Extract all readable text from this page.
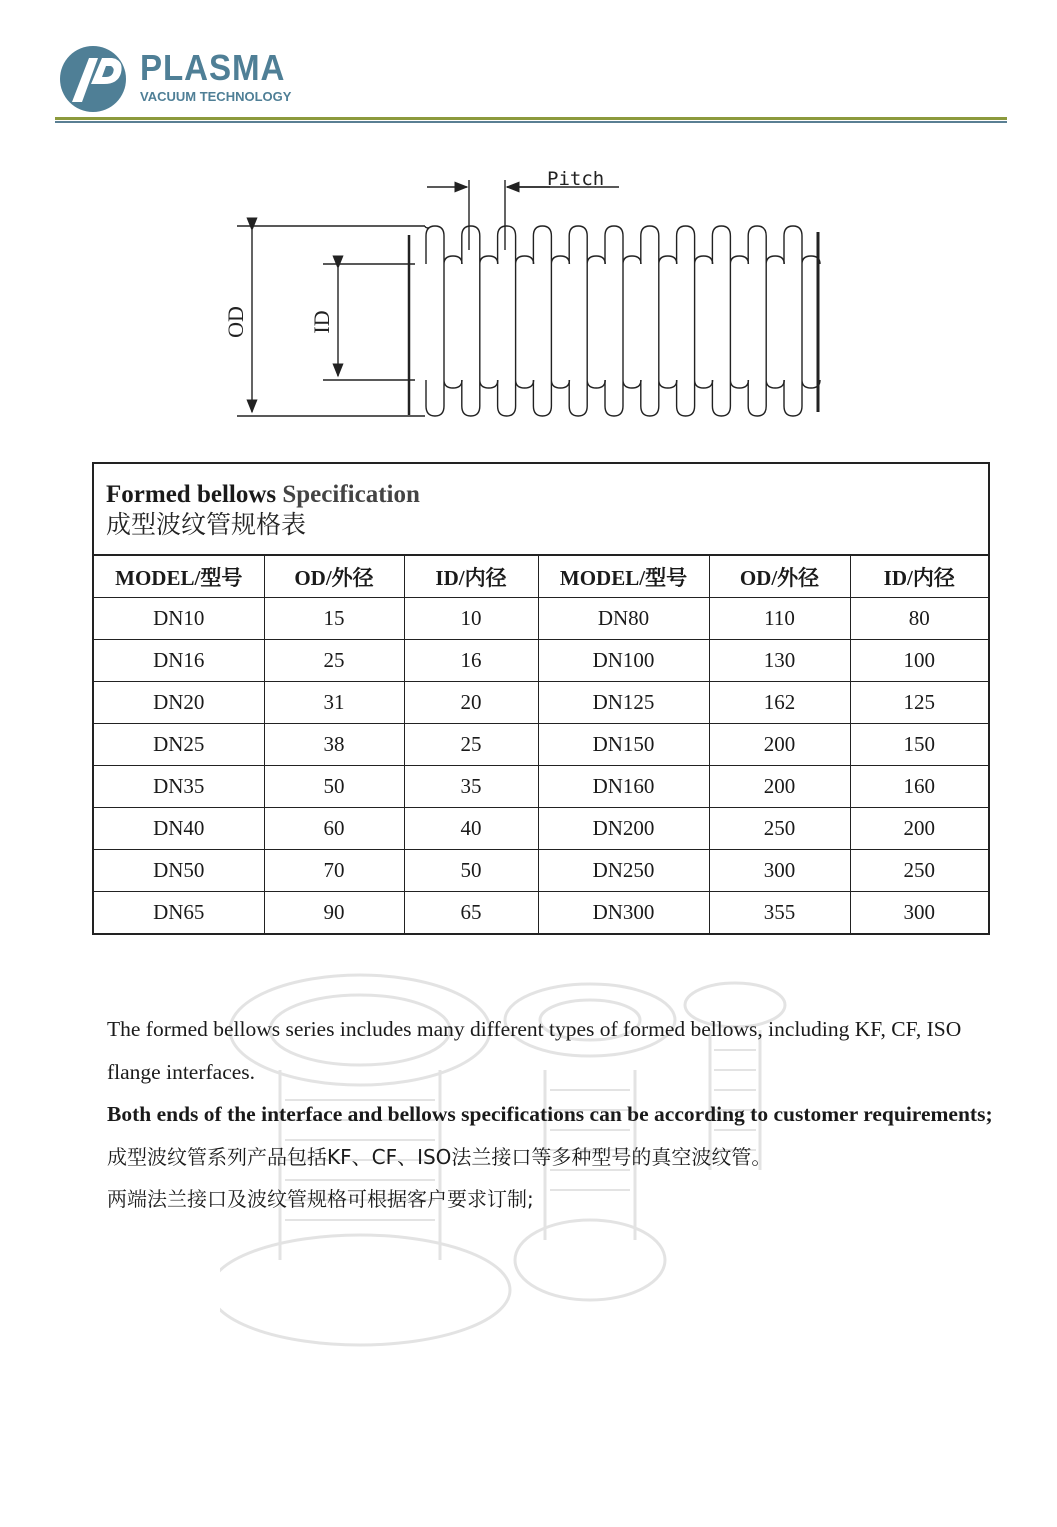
PLASMA
VACUUM TECHNOLOGY
Pitch
OD	ID
Formed bellows Specification
成型波纹管规格表
MODEL/型号	OD/外径	ID/内径	MODEL/型号	OD/外径	ID/内径
DN10	15	10	DN80	110	80
DN16	25	16	DN100	130	100
DN20	31	20	DN125	162	125
DN25	38	25	DN150	200	150
DN35	50	35	DN160	200	160
DN40	60	40	DN200	250	200
DN50	70	50	DN250	300	250
DN65	90	65	DN300	355	300

The formed bellows series includes many different types of formed bellows, including KF, CF, ISO flange interfaces.

Both ends of the interface and bellows specifications can be according to customer requirements;

成型波纹管系列产品包括KF、CF、ISO法兰接口等多种型号的真空波纹管。

两端法兰接口及波纹管规格可根据客户要求订制;
